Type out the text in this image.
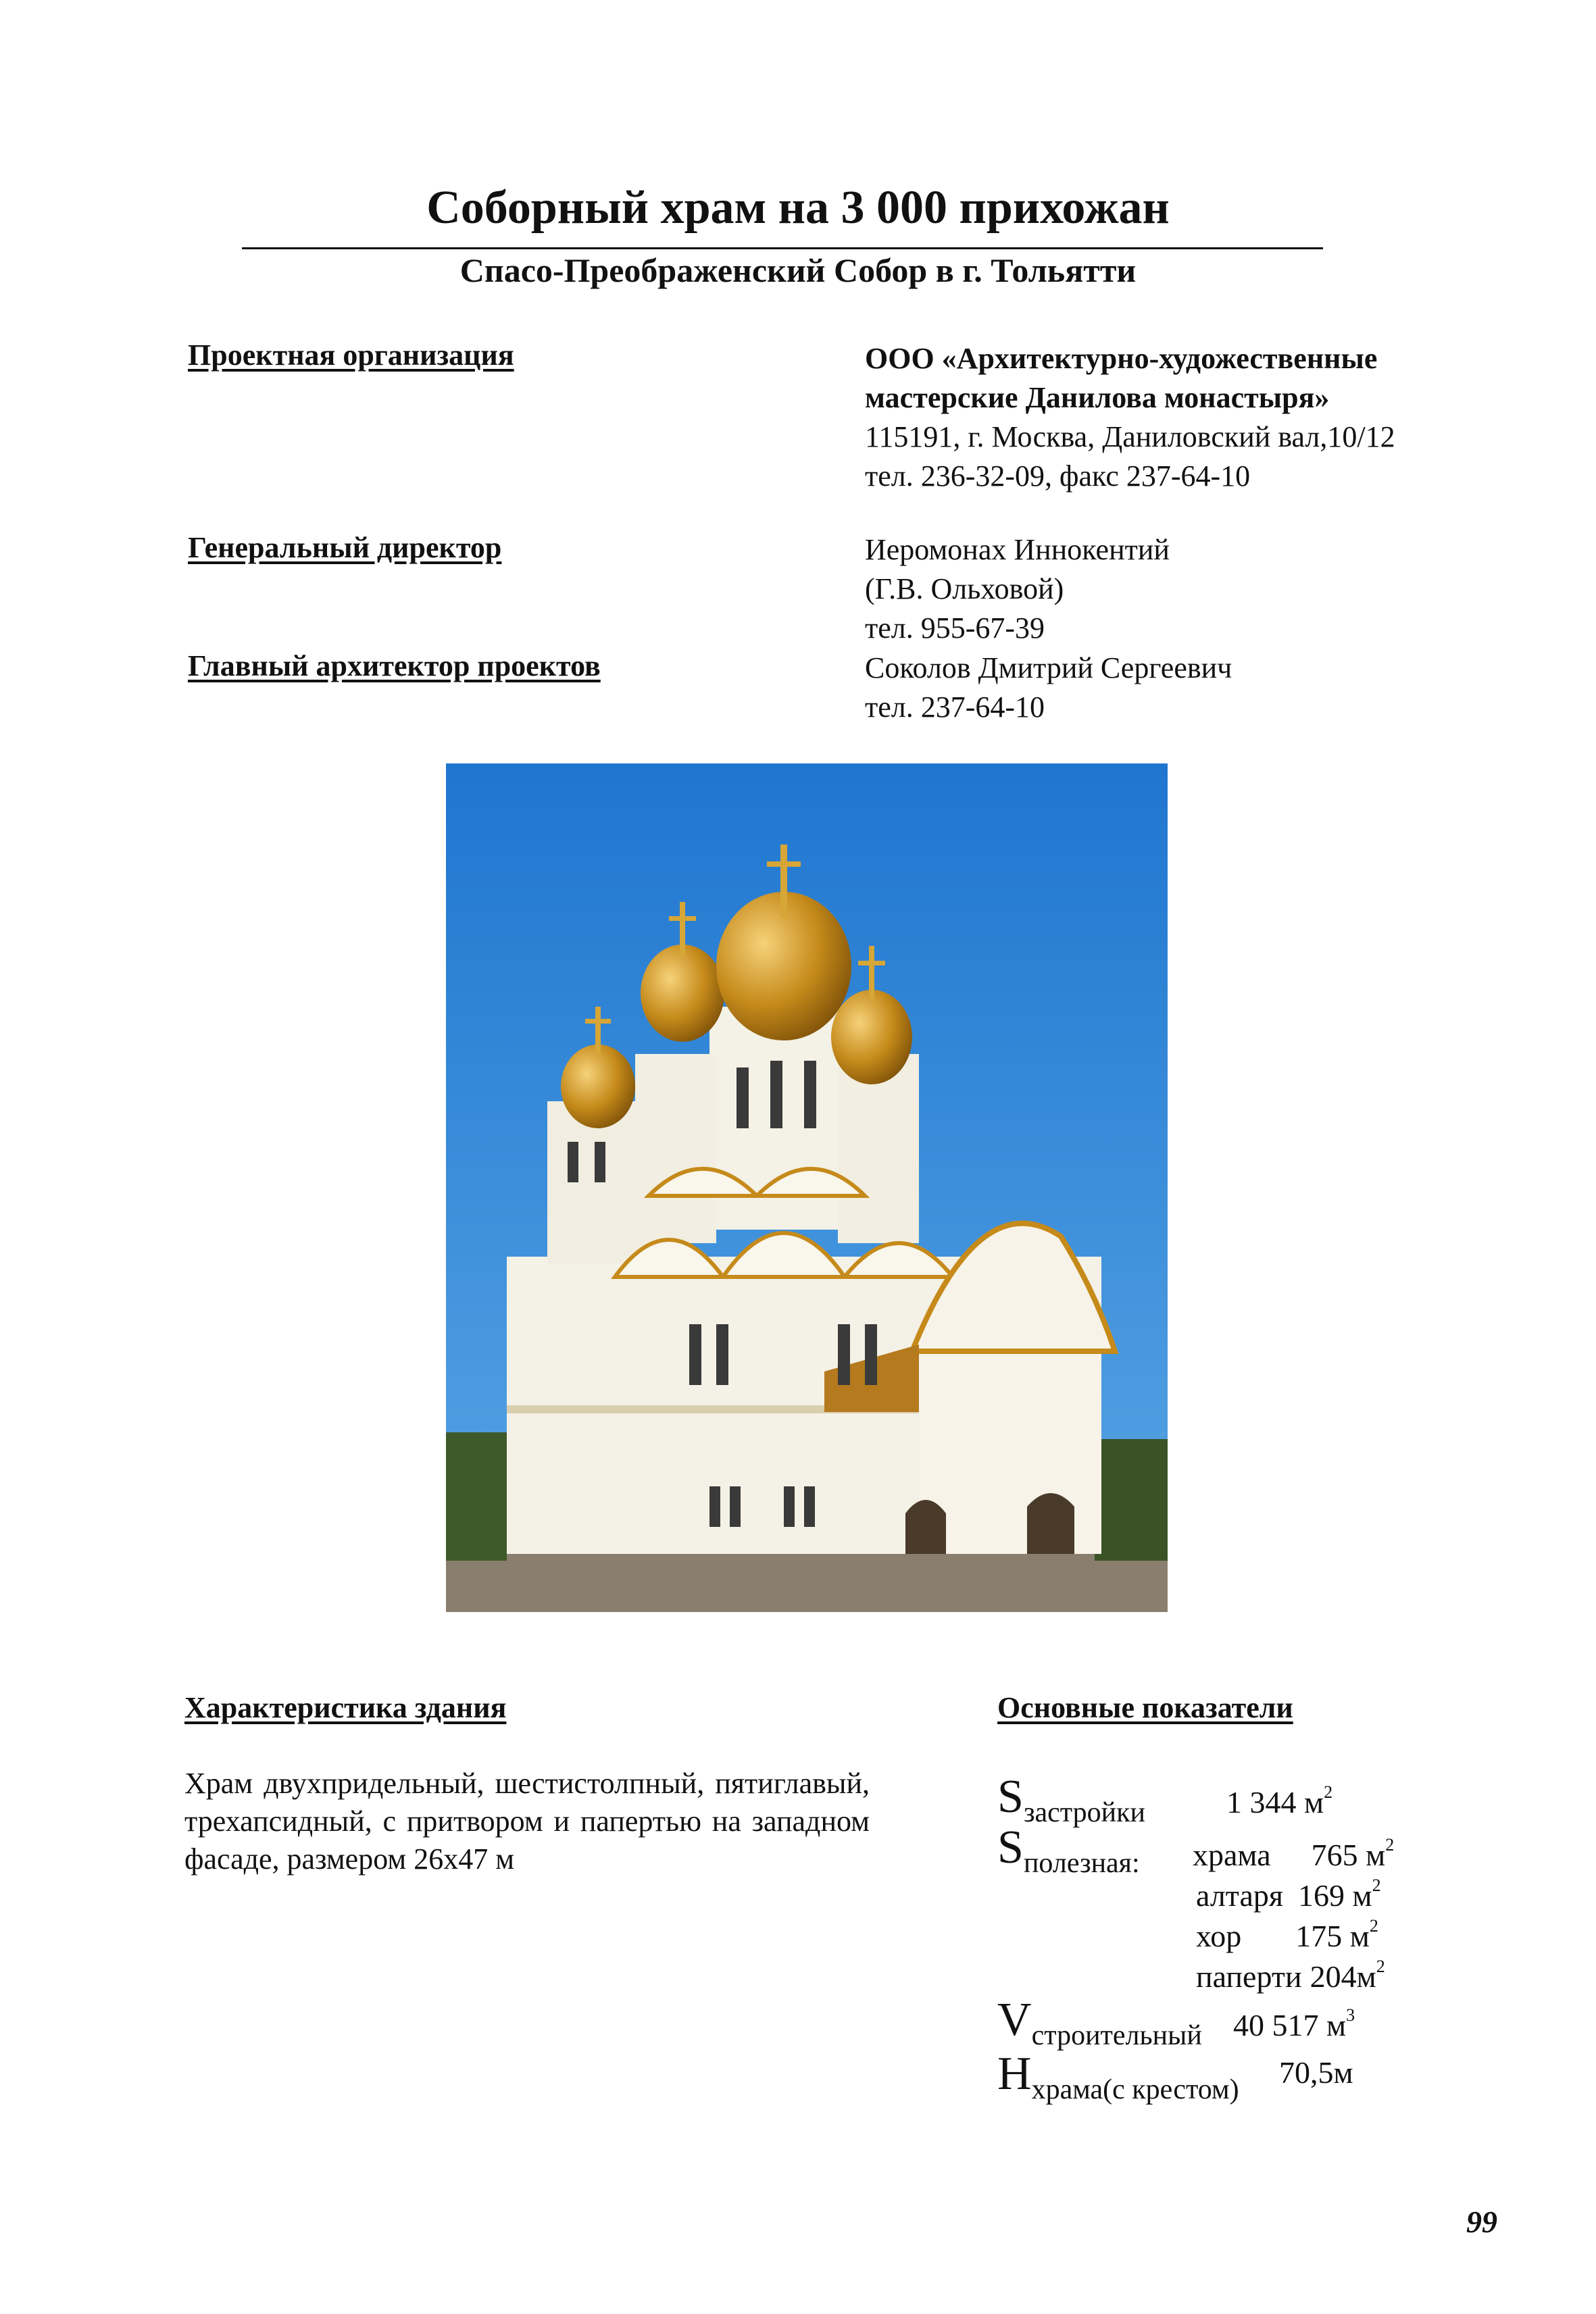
Соборный храм на 3 000 прихожан
Спасо-Преображенский Собор в г. Тольятти
Проектная организация	ООО «Архитектурно-художественные
мастерские Данилова монастыря»
115191, г. Москва, Даниловский вал,10/12
тел. 236-32-09, факс 237-64-10
Генеральный директор	Иеромонах Иннокентий
(Г.В. Ольховой)
тел. 955-67-39
Главный архитектор проектов	Соколов Дмитрий Сергеевич
тел. 237-64-10
Характеристика здания
Храм двухпридельный, шестистолпный, пятиглавый, трехапсидный, с притвором и папертью на западном фасаде, размером 26х47 м
Основные показатели
Sзастройки	1 344 $м^2$
Sполезная: храма 765 $м^2$
алтаря 169 $м^2$
хор 175 $м^2$
паперти $204м^2$
Vстроительный 40 517 $м^3$
Hхрама(с крестом) 70,5м
99
